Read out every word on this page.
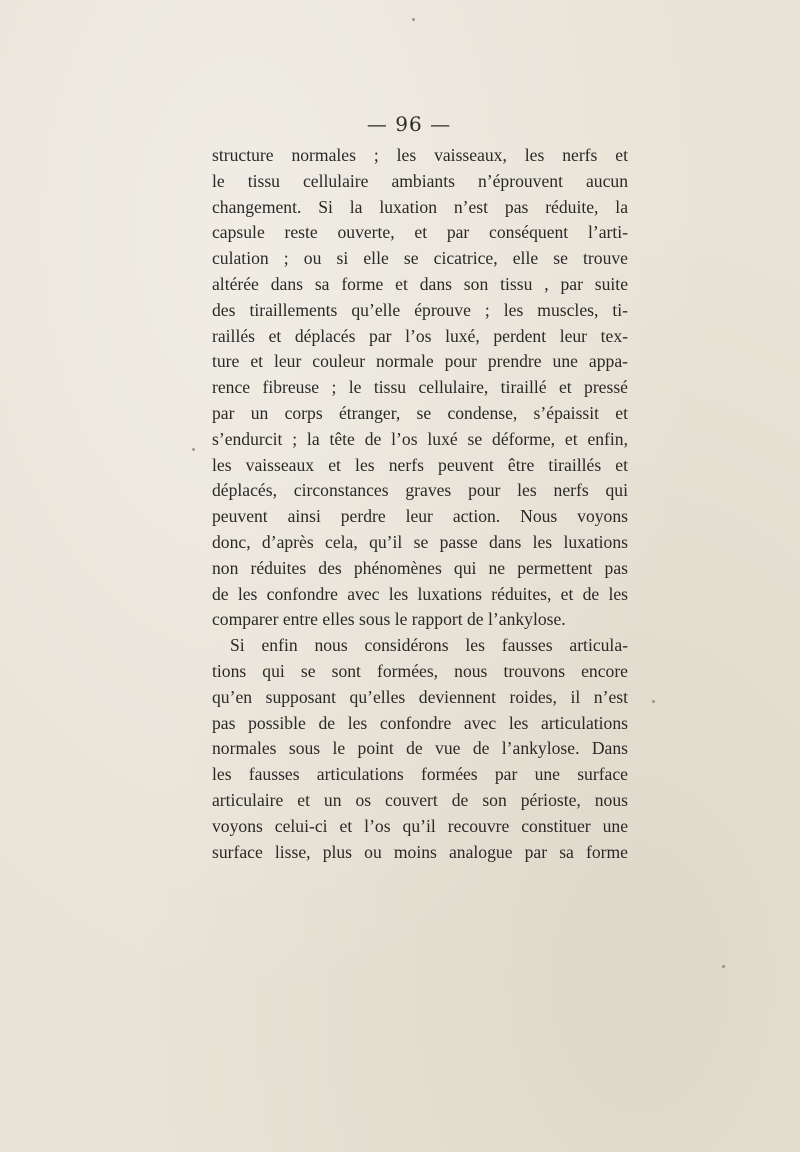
— 96 —
structure normales ; les vaisseaux, les nerfs et
le tissu cellulaire ambiants n’éprouvent aucun
changement. Si la luxation n’est pas réduite, la
capsule reste ouverte, et par conséquent l’arti-
culation ; ou si elle se cicatrice, elle se trouve
altérée dans sa forme et dans son tissu , par suite
des tiraillements qu’elle éprouve ; les muscles, ti-
raillés et déplacés par l’os luxé, perdent leur tex-
ture et leur couleur normale pour prendre une appa-
rence fibreuse ; le tissu cellulaire, tiraillé et pressé
par un corps étranger, se condense, s’épaissit et
s’endurcit ; la tête de l’os luxé se déforme, et enfin,
les vaisseaux et les nerfs peuvent être tiraillés et
déplacés, circonstances graves pour les nerfs qui
peuvent ainsi perdre leur action. Nous voyons
donc, d’après cela, qu’il se passe dans les luxations
non réduites des phénomènes qui ne permettent pas
de les confondre avec les luxations réduites, et de les
comparer entre elles sous le rapport de l’ankylose.
Si enfin nous considérons les fausses articula-
tions qui se sont formées, nous trouvons encore
qu’en supposant qu’elles deviennent roides, il n’est
pas possible de les confondre avec les articulations
normales sous le point de vue de l’ankylose. Dans
les fausses articulations formées par une surface
articulaire et un os couvert de son périoste, nous
voyons celui-ci et l’os qu’il recouvre constituer une
surface lisse, plus ou moins analogue par sa forme
